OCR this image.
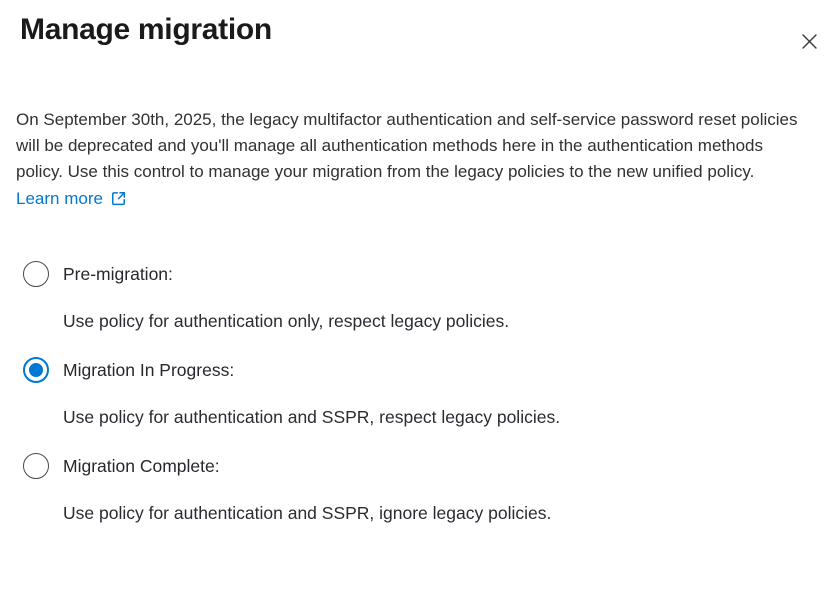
Manage migration

On September 30th, 2025, the legacy multifactor authentication and self-service password reset policies will be deprecated and you'll manage all authentication methods here in the authentication methods policy. Use this control to manage your migration from the legacy policies to the new unified policy.

Learn more
Pre-migration:
Use policy for authentication only, respect legacy policies.
Migration In Progress:
Use policy for authentication and SSPR, respect legacy policies.
Migration Complete:
Use policy for authentication and SSPR, ignore legacy policies.
